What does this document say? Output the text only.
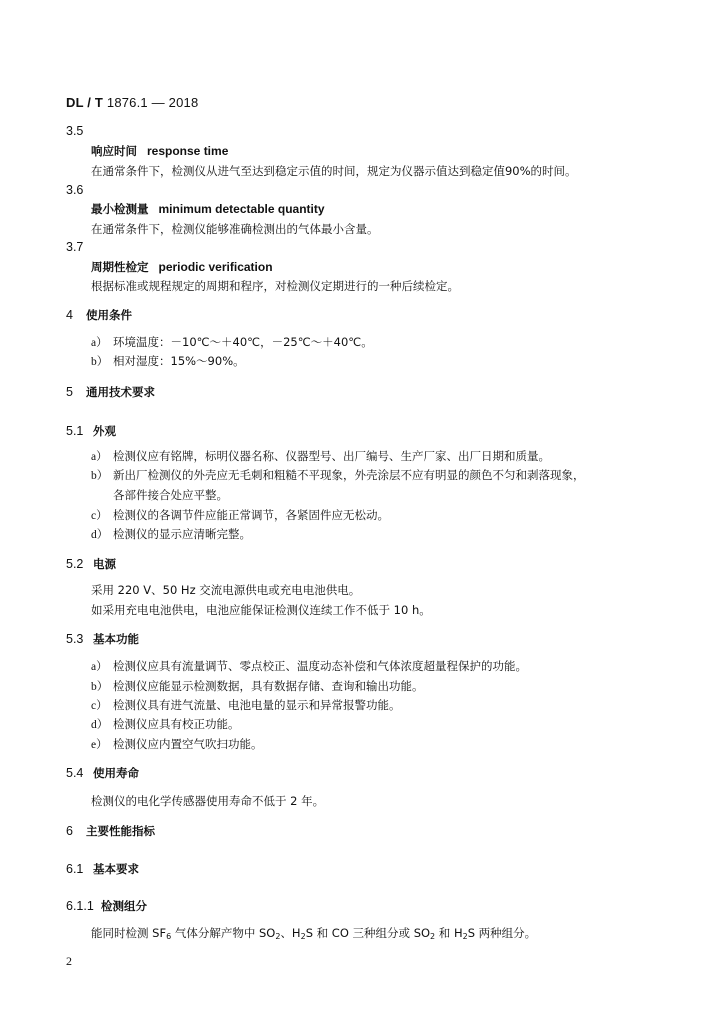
DL / T 1876.1 — 2018
3.5
响应时间 response time
在通常条件下，检测仪从进气至达到稳定示值的时间，规定为仪器示值达到稳定值90%的时间。
3.6
最小检测量 minimum detectable quantity
在通常条件下，检测仪能够准确检测出的气体最小含量。
3.7
周期性检定 periodic verification
根据标准或规程规定的周期和程序，对检测仪定期进行的一种后续检定。
4 使用条件
a） 环境温度：－10℃～＋40℃，－25℃～＋40℃。
b） 相对湿度：15%～90%。
5 通用技术要求
5.1 外观
a） 检测仪应有铭牌，标明仪器名称、仪器型号、出厂编号、生产厂家、出厂日期和质量。
b） 新出厂检测仪的外壳应无毛刺和粗糙不平现象，外壳涂层不应有明显的颜色不匀和剥落现象，
各部件接合处应平整。
c） 检测仪的各调节件应能正常调节，各紧固件应无松动。
d） 检测仪的显示应清晰完整。
5.2 电源
采用 220 V、50 Hz 交流电源供电或充电电池供电。
如采用充电电池供电，电池应能保证检测仪连续工作不低于 10 h。
5.3 基本功能
a） 检测仪应具有流量调节、零点校正、温度动态补偿和气体浓度超量程保护的功能。
b） 检测仪应能显示检测数据，具有数据存储、查询和输出功能。
c） 检测仪具有进气流量、电池电量的显示和异常报警功能。
d） 检测仪应具有校正功能。
e） 检测仪应内置空气吹扫功能。
5.4 使用寿命
检测仪的电化学传感器使用寿命不低于 2 年。
6 主要性能指标
6.1 基本要求
6.1.1 检测组分
能同时检测 $SF_6$ 气体分解产物中 $SO_2$、$H_2S$ 和 CO 三种组分或 $SO_2$ 和 $H_2S$ 两种组分。
2
